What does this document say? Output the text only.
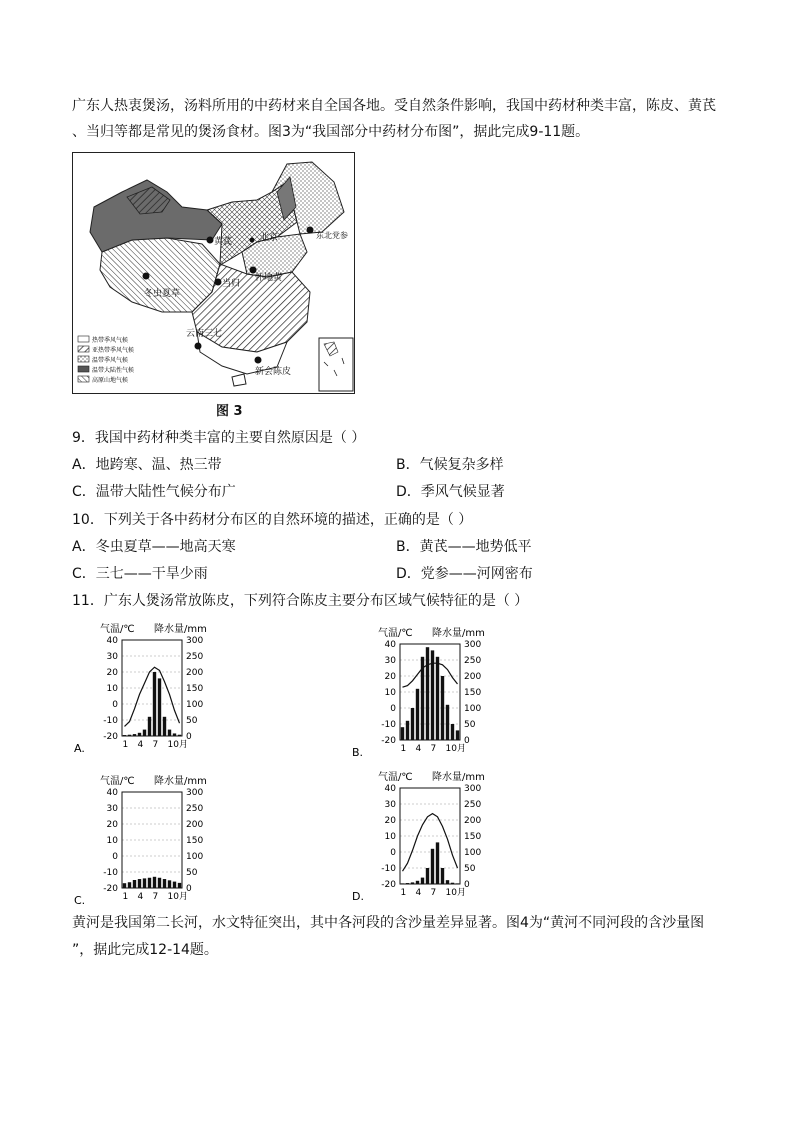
广东人热衷煲汤，汤料所用的中药材来自全国各地。受自然条件影响，我国中药材种类丰富，陈皮、黄芪
、当归等都是常见的煲汤食材。图3为“我国部分中药材分布图”，据此完成9-11题。
黄芪	北京	东北党参
怀地黄
当归
冬虫夏草
云南三七
新会陈皮
热带季风气候
亚热带季风气候
温带季风气候
温带大陆性气候
高原山地气候
图 3
9．我国中药材种类丰富的主要自然原因是（ ）
A．地跨寒、温、热三带	B．气候复杂多样
C．温带大陆性气候分布广	D．季风气候显著
10．下列关于各中药材分布区的自然环境的描述，正确的是（ ）
A．冬虫夏草——地高天寒	B．黄芪——地势低平
C．三七——干旱少雨	D．党参——河网密布
11．广东人煲汤常放陈皮，下列符合陈皮主要分布区域气候特征的是（ ）
气温/℃ 降水量/mm
A.
40	300
30	250
20	200
10	150
0	100
-10	50
-20	0
1 4 7 10月
气温/℃ 降水量/mm
B.
40	300
30	250
20	200
10	150
0	100
-10	50
-20	0
1 4 7 10月
气温/℃ 降水量/mm
C.
40	300
30	250
20	200
10	150
0	100
-10	50
-20	0
1 4 7 10月
气温/℃ 降水量/mm
D.
40	300
30	250
20	200
10	150
0	100
-10	50
-20	0
1 4 7 10月
黄河是我国第二长河，水文特征突出，其中各河段的含沙量差异显著。图4为“黄河不同河段的含沙量图
”，据此完成12-14题。
